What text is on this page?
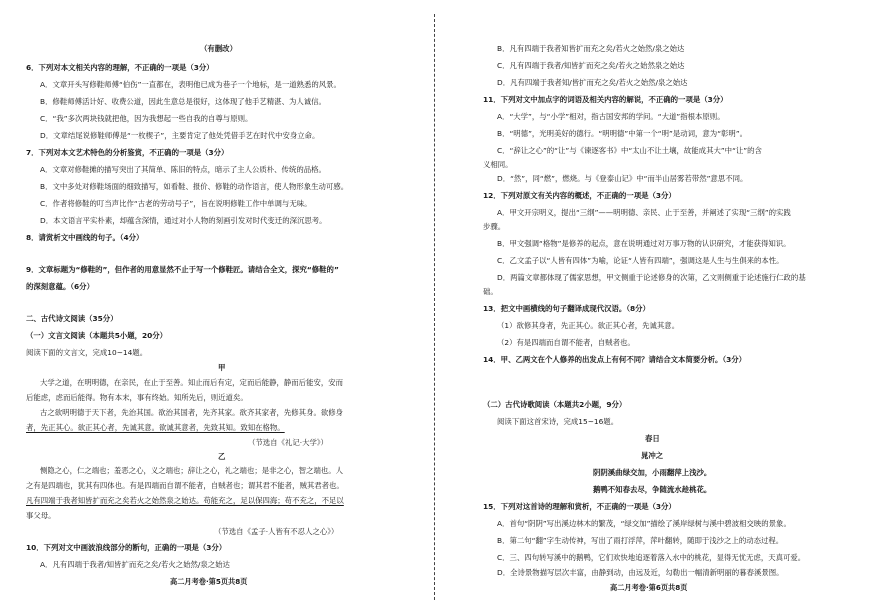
（有删改）
6．下列对本文相关内容的理解，不正确的一项是（3分）
A．文章开头写修鞋师傅“伯伤”一直都在，表明他已成为巷子一个地标，是一道熟悉的风景。
B．修鞋师傅活计好、收费公道，因此生意总是很好，这体现了他手艺精湛、为人诚信。
C．“我”多次两块钱就把他，因为我想起一些自我的自尊与原则。
D．文章结尾说修鞋师傅是“一枚楔子”，主要肯定了他处凭借手艺在时代中安身立命。
7．下列对本文艺术特色的分析鉴赏，不正确的一项是（3分）
A．文章对修鞋摊的描写突出了其简单、陈旧的特点，暗示了主人公质朴、传统的品格。
B．文中多处对修鞋场面的细致描写，如看鞋、报价、修鞋的动作语言，使人物形象生动可感。
C．作者将修鞋的叮当声比作“古老的劳动号子”，旨在说明修鞋工作中单调与无味。
D．本文语言平实朴素，却蕴含深情，通过对小人物的刻画引发对时代变迁的深沉思考。
8．请赏析文中画线的句子。（4分）
9．文章标题为“修鞋的”，但作者的用意显然不止于写一个修鞋匠。请结合全文，探究“修鞋的”
的深刻意蕴。（6分）
二、古代诗文阅读（35分）
（一）文言文阅读（本题共5小题，20分）
阅读下面的文言文，完成10~14题。
甲
大学之道，在明明德，在亲民，在止于至善。知止而后有定，定而后能静，静而后能安，安而
后能虑，虑而后能得。物有本末，事有终始。知所先后，则近道矣。
古之欲明明德于天下者，先治其国。欲治其国者，先齐其家。欲齐其家者，先修其身。欲修身
者，先正其心。欲正其心者，先诚其意。欲诚其意者，先致其知。致知在格物。
（节选自《礼记·大学》）
乙
恻隐之心，仁之端也；羞恶之心，义之端也；辞让之心，礼之端也；是非之心，智之端也。人
之有是四端也，犹其有四体也。有是四端而自谓不能者，自贼者也；谓其君不能者，贼其君者也。
凡有四端于我者知皆扩而充之矣若火之始然泉之始达。苟能充之，足以保四海；苟不充之，不足以
事父母。
（节选自《孟子·人皆有不忍人之心》）
10．下列对文中画波浪线部分的断句，正确的一项是（3分）
A．凡有四端于我者/知皆扩而充之矣/若火之始然/泉之始达
高二月考卷·第5页共8页
B．凡有四端于我者知皆扩而充之矣/若火之始然/泉之始达
C．凡有四端于我者/知皆扩而充之矣/若火之始然泉之始达
D．凡有四端于我者知/皆扩而充之矣/若火之始然/泉之始达
11．下列对文中加点字的词语及相关内容的解说，不正确的一项是（3分）
A．“大学”，与“小学”相对，指古国安邦的学问。“大道”指根本原则。
B．“明德”，光明美好的德行。“明明德”中第一个“明”是动词，意为“彰明”。
C．“辞让之心”的“让”与《谏逐客书》中“太山不让土壤，故能成其大”中“让”的含
义相同。
D．“然”，同“燃”，燃烧。与《登泰山记》中“而半山居雾若带然”意思不同。
12．下列对原文有关内容的概述，不正确的一项是（3分）
A．甲文开宗明义，提出“三纲”——明明德、亲民、止于至善，并阐述了实现“三纲”的实践
步骤。
B．甲文强调“格物”是修养的起点，意在说明通过对万事万物的认识研究，才能获得知识。
C．乙文孟子以“人皆有四体”为喻，论证“人皆有四端”，强调这是人生与生俱来的本性。
D．两篇文章都体现了儒家思想，甲文侧重于论述修身的次第，乙文则侧重于论述施行仁政的基
础。
13．把文中画横线的句子翻译成现代汉语。（8分）
（1）欲修其身者，先正其心。欲正其心者，先诚其意。
（2）有是四端而自谓不能者，自贼者也。
14．甲、乙两文在个人修养的出发点上有何不同？请结合文本简要分析。（3分）
（二）古代诗歌阅读（本题共2小题，9分）
阅读下面这首宋诗，完成15~16题。
春日
晁冲之
阴阴溪曲绿交加，小雨翻萍上浅沙。
鹅鸭不知春去尽，争随流水趁桃花。
15．下列对这首诗的理解和赏析，不正确的一项是（3分）
A．首句“阴阴”写出溪边林木的繁茂，“绿交加”描绘了溪岸绿树与溪中碧波相交映的景象。
B．第二句“翻”字生动传神，写出了雨打浮萍，萍叶翻转，随即于浅沙之上的动态过程。
C．三、四句转写溪中的鹅鸭，它们欢快地追逐着落入水中的桃花，显得无忧无虑，天真可爱。
D．全诗景物描写层次丰富，由静到动，由远及近，勾勒出一幅清新明丽的暮春溪景图。
高二月考卷·第6页共8页
